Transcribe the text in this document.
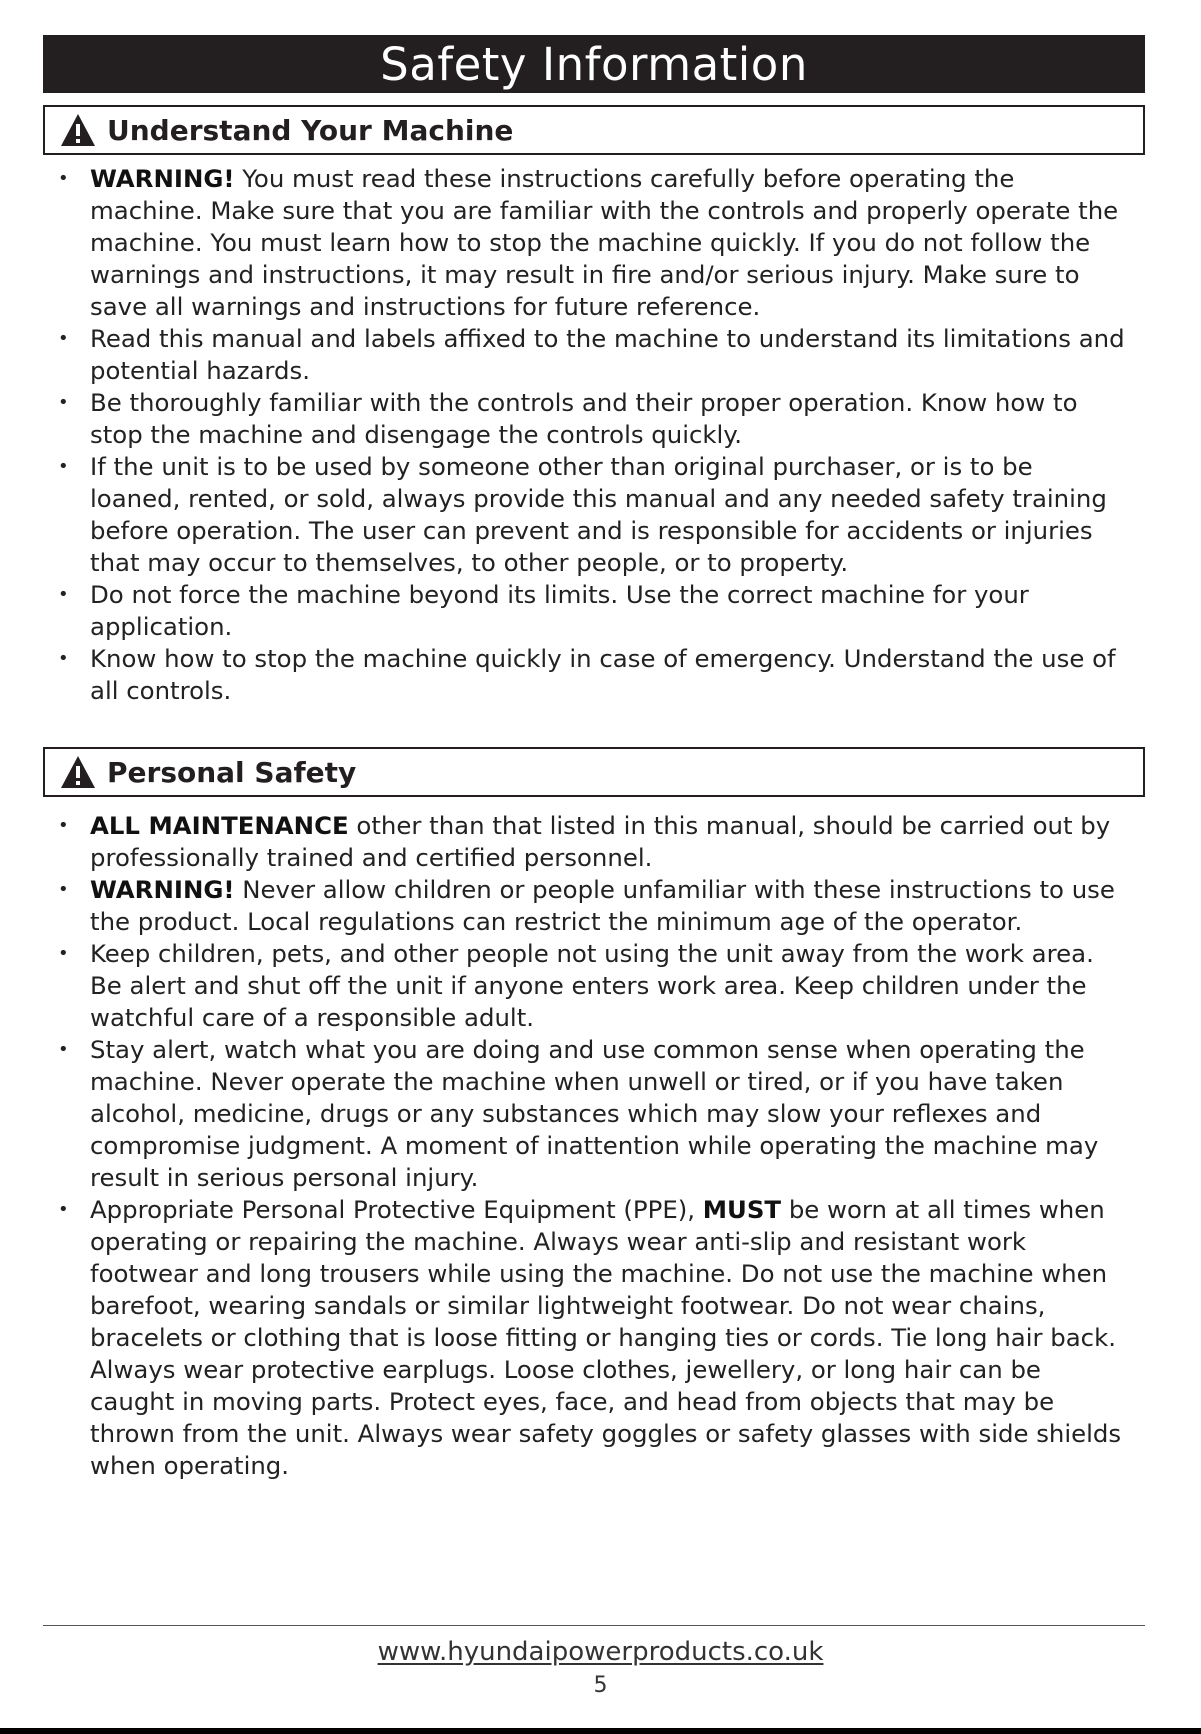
Safety Information
Understand Your Machine
• WARNING! You must read these instructions carefully before operating the machine. Make sure that you are familiar with the controls and properly operate the machine. You must learn how to stop the machine quickly. If you do not follow the warnings and instructions, it may result in fire and/or serious injury. Make sure to save all warnings and instructions for future reference.
• Read this manual and labels affixed to the machine to understand its limitations and potential hazards.
• Be thoroughly familiar with the controls and their proper operation. Know how to stop the machine and disengage the controls quickly.
• If the unit is to be used by someone other than original purchaser, or is to be loaned, rented, or sold, always provide this manual and any needed safety training before operation. The user can prevent and is responsible for accidents or injuries that may occur to themselves, to other people, or to property.
• Do not force the machine beyond its limits. Use the correct machine for your application.
• Know how to stop the machine quickly in case of emergency. Understand the use of all controls.
Personal Safety
• ALL MAINTENANCE other than that listed in this manual, should be carried out by professionally trained and certified personnel.
• WARNING! Never allow children or people unfamiliar with these instructions to use the product. Local regulations can restrict the minimum age of the operator.
• Keep children, pets, and other people not using the unit away from the work area. Be alert and shut off the unit if anyone enters work area. Keep children under the watchful care of a responsible adult.
• Stay alert, watch what you are doing and use common sense when operating the machine. Never operate the machine when unwell or tired, or if you have taken alcohol, medicine, drugs or any substances which may slow your reflexes and compromise judgment. A moment of inattention while operating the machine may result in serious personal injury.
• Appropriate Personal Protective Equipment (PPE), MUST be worn at all times when operating or repairing the machine. Always wear anti-slip and resistant work footwear and long trousers while using the machine. Do not use the machine when barefoot, wearing sandals or similar lightweight footwear. Do not wear chains, bracelets or clothing that is loose fitting or hanging ties or cords. Tie long hair back. Always wear protective earplugs. Loose clothes, jewellery, or long hair can be caught in moving parts. Protect eyes, face, and head from objects that may be thrown from the unit. Always wear safety goggles or safety glasses with side shields when operating.
www.hyundaipowerproducts.co.uk
5
